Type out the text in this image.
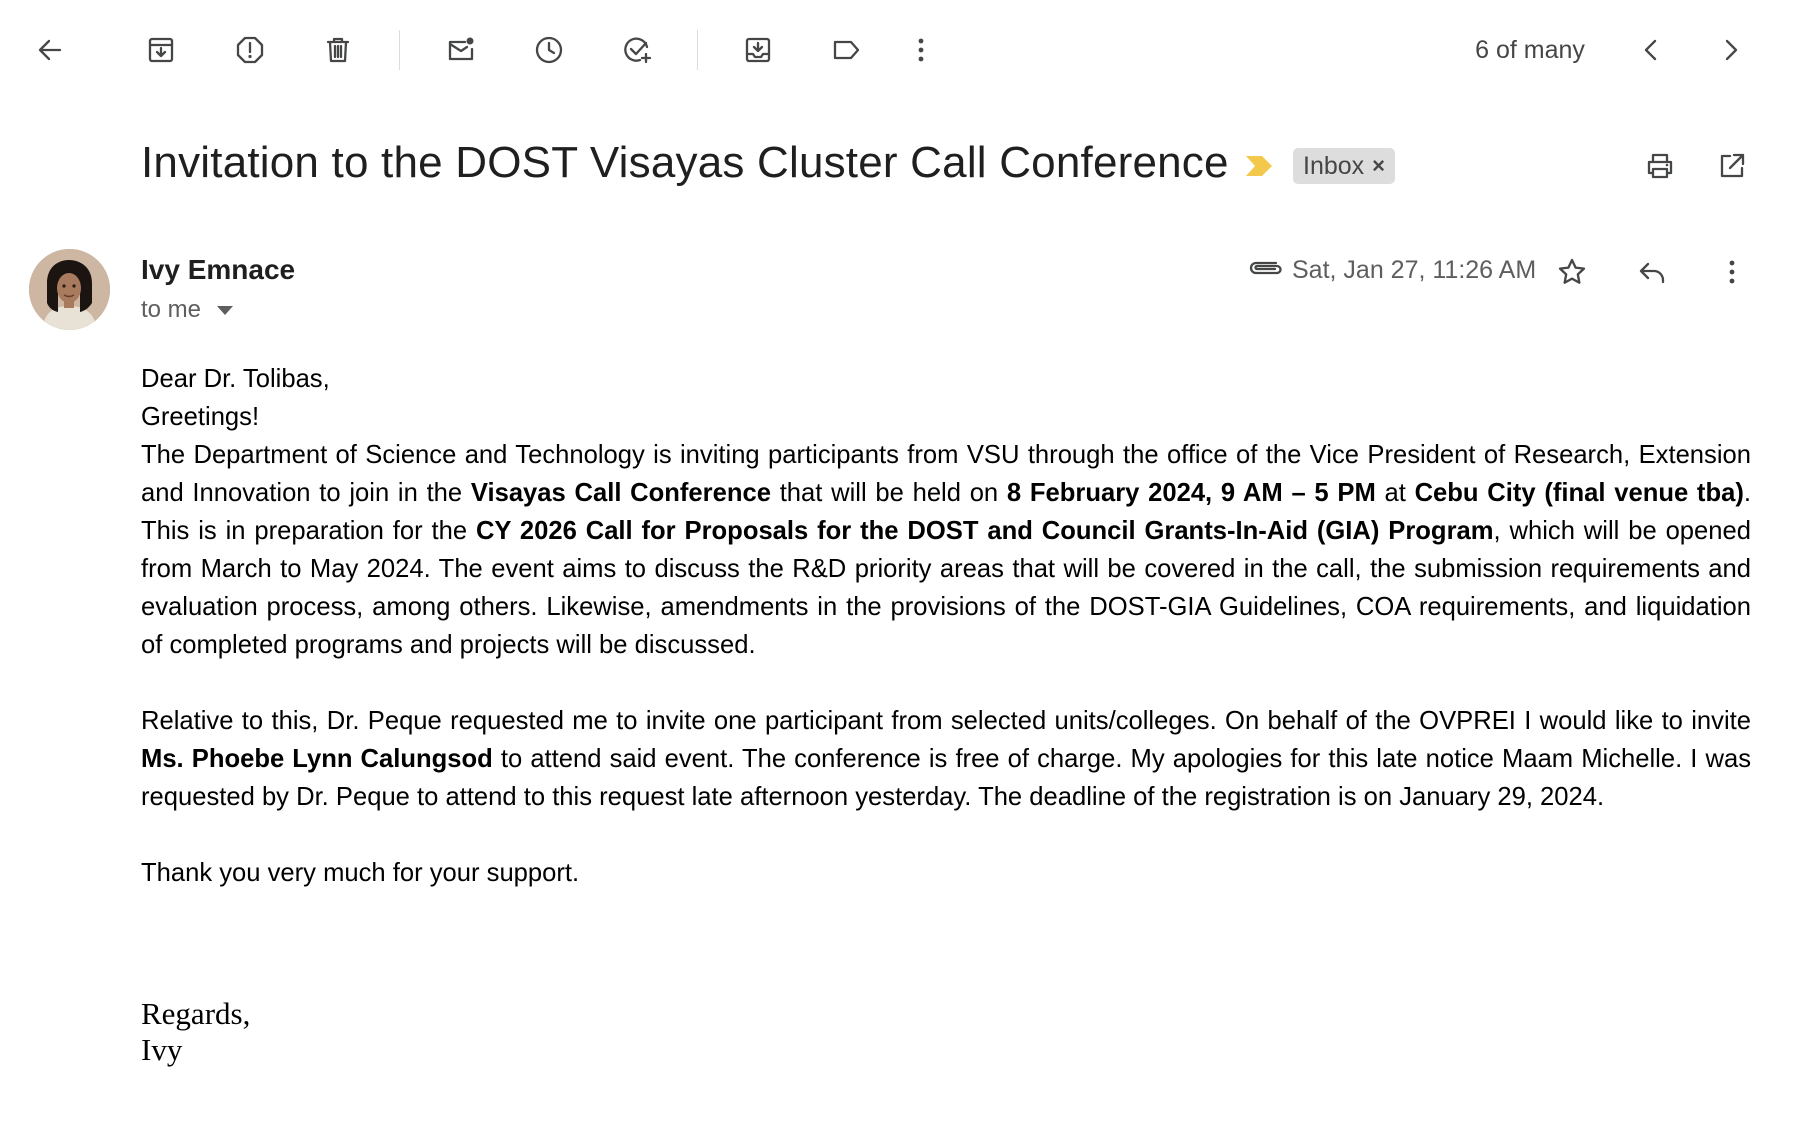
6 of many
Invitation to the DOST Visayas Cluster Call Conference	Inbox ×
Ivy Emnace
to me
Sat, Jan 27, 11:26 AM

Dear Dr. Tolibas,

Greetings!

The Department of Science and Technology is inviting participants from VSU through the office of the Vice President of Research, Extension and Innovation to join in the Visayas Call Conference that will be held on 8 February 2024, 9 AM – 5 PM at Cebu City (final venue tba). This is in preparation for the CY 2026 Call for Proposals for the DOST and Council Grants-In-Aid (GIA) Program, which will be opened from March to May 2024. The event aims to discuss the R&D priority areas that will be covered in the call, the submission requirements and evaluation process, among others. Likewise, amendments in the provisions of the DOST-GIA Guidelines, COA requirements, and liquidation of completed programs and projects will be discussed.

Relative to this, Dr. Peque requested me to invite one participant from selected units/colleges. On behalf of the OVPREI I would like to invite Ms. Phoebe Lynn Calungsod to attend said event. The conference is free of charge. My apologies for this late notice Maam Michelle. I was requested by Dr. Peque to attend to this request late afternoon yesterday. The deadline of the registration is on January 29, 2024.

Thank you very much for your support.

Regards,
Ivy
